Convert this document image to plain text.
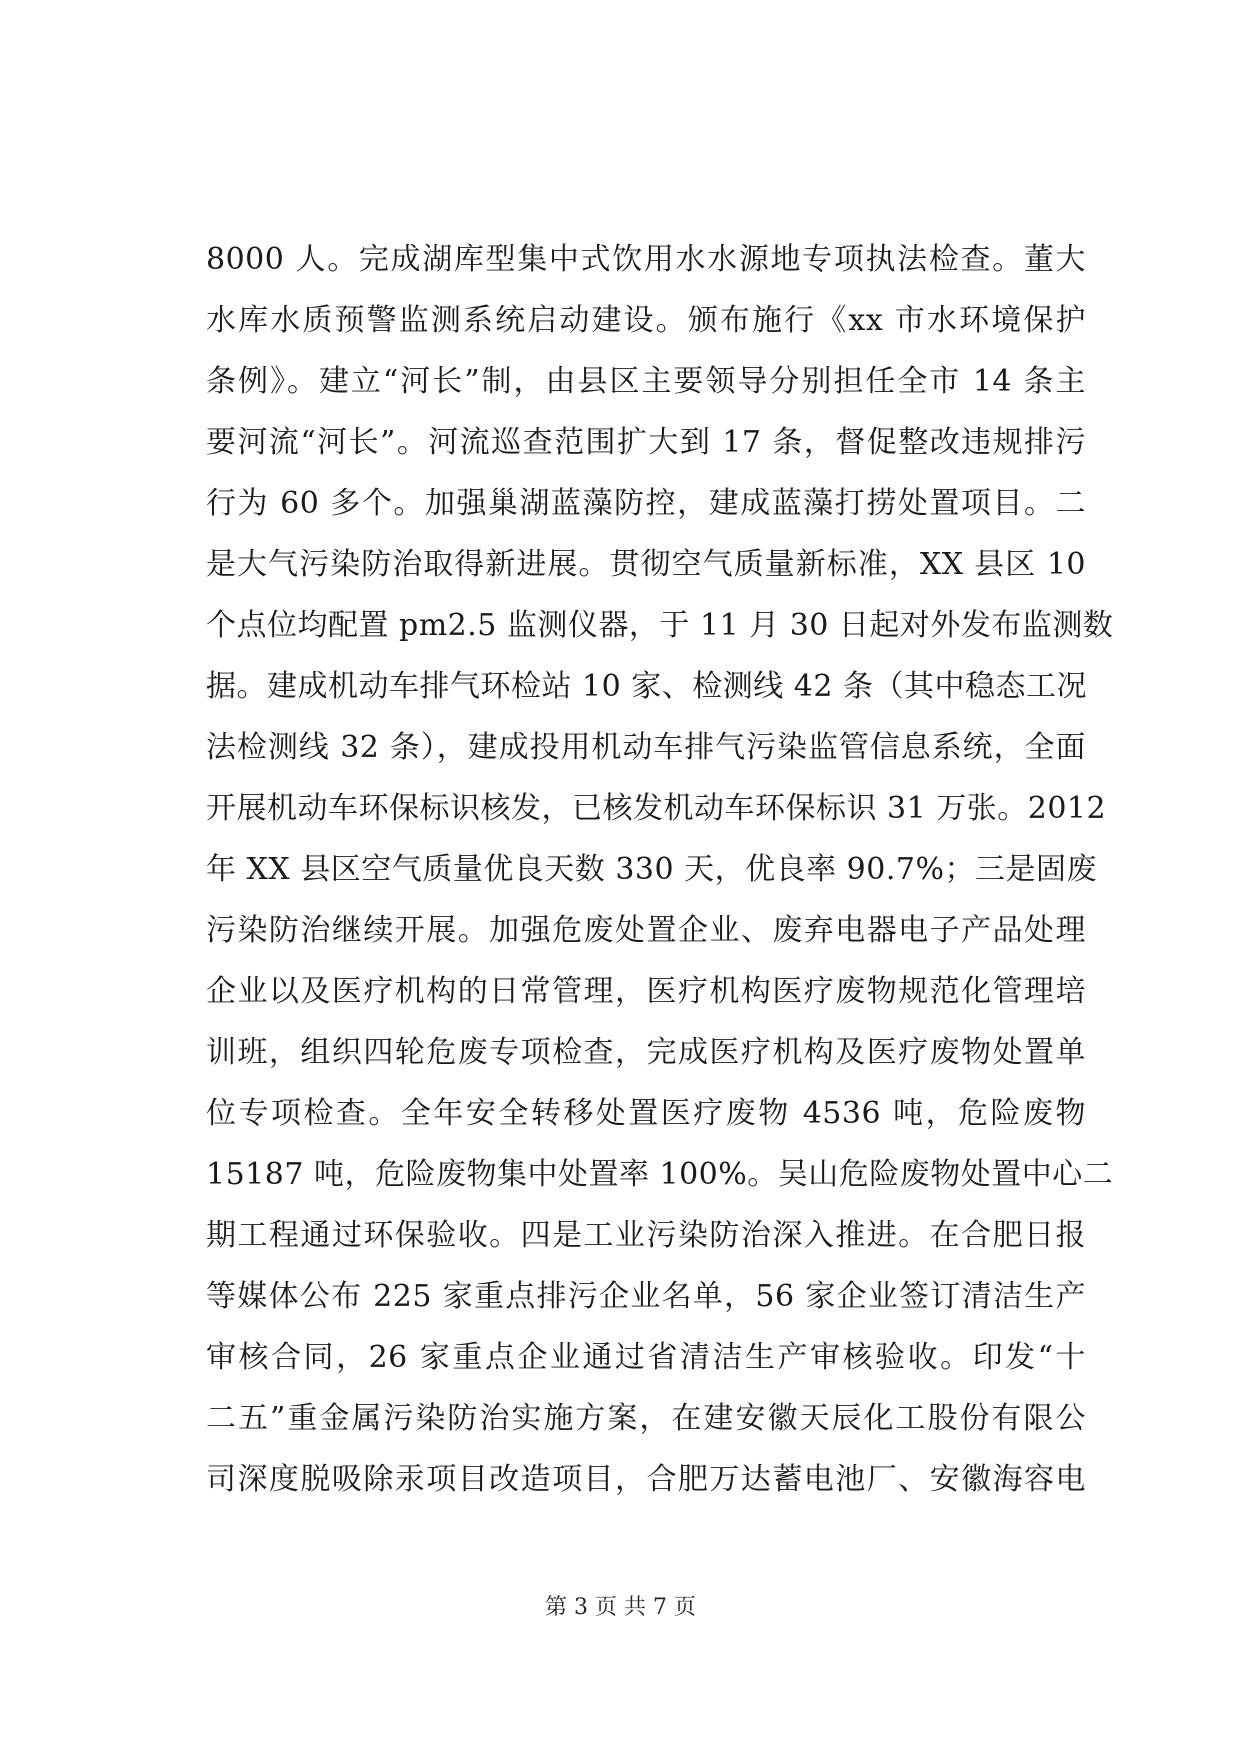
8000 人。完成湖库型集中式饮用水水源地专项执法检查。董大
水库水质预警监测系统启动建设。颁布施行《xx 市水环境保护
条例》。建立“河长”制，由县区主要领导分别担任全市 14 条主
要河流“河长”。河流巡查范围扩大到 17 条，督促整改违规排污
行为 60 多个。加强巢湖蓝藻防控，建成蓝藻打捞处置项目。二
是大气污染防治取得新进展。贯彻空气质量新标准，XX 县区 10
个点位均配置 pm2.5 监测仪器，于 11 月 30 日起对外发布监测数
据。建成机动车排气环检站 10 家、检测线 42 条（其中稳态工况
法检测线 32 条），建成投用机动车排气污染监管信息系统，全面
开展机动车环保标识核发，已核发机动车环保标识 31 万张。2012
年 XX 县区空气质量优良天数 330 天，优良率 90.7%；三是固废
污染防治继续开展。加强危废处置企业、废弃电器电子产品处理
企业以及医疗机构的日常管理，医疗机构医疗废物规范化管理培
训班，组织四轮危废专项检查，完成医疗机构及医疗废物处置单
位专项检查。全年安全转移处置医疗废物 4536 吨，危险废物
15187 吨，危险废物集中处置率 100%。吴山危险废物处置中心二
期工程通过环保验收。四是工业污染防治深入推进。在合肥日报
等媒体公布 225 家重点排污企业名单，56 家企业签订清洁生产
审核合同，26 家重点企业通过省清洁生产审核验收。印发“十
二五”重金属污染防治实施方案，在建安徽天辰化工股份有限公
司深度脱吸除汞项目改造项目，合肥万达蓄电池厂、安徽海容电
第 3 页 共 7 页
